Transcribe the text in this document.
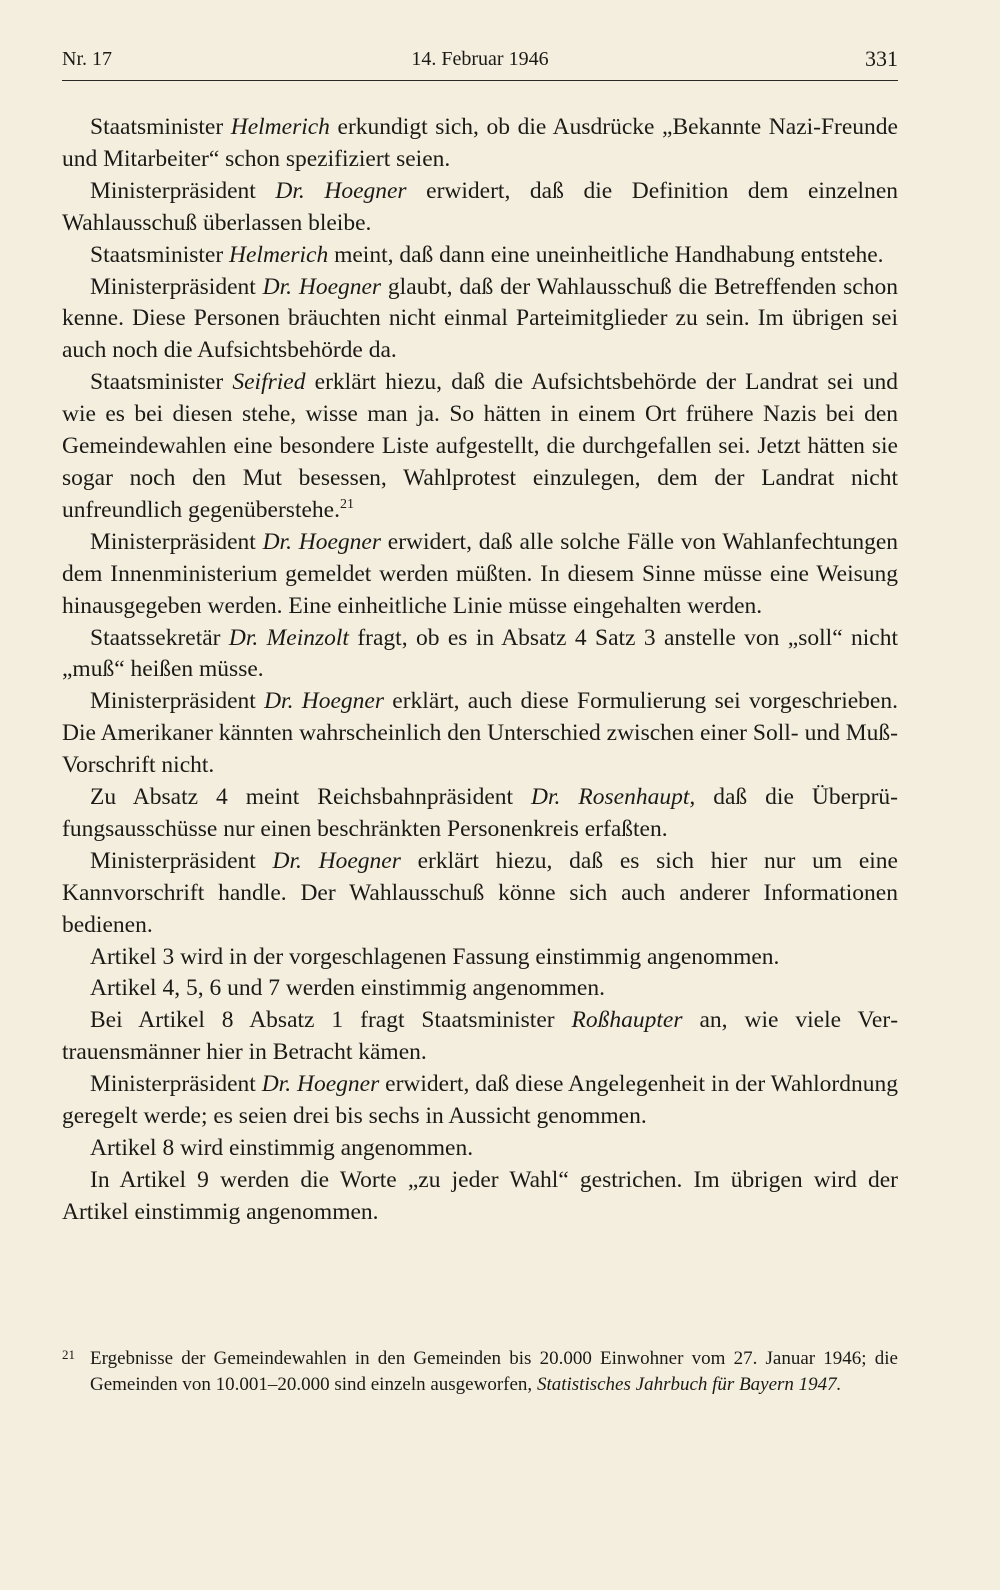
Nr. 17	14. Februar 1946	331

Staatsminister Helmerich erkundigt sich, ob die Ausdrücke „Bekannte Nazi-Freunde und Mitarbeiter“ schon spezifiziert seien.

Ministerpräsident Dr. Hoegner erwidert, daß die Definition dem einzelnen Wahlausschuß überlassen bleibe.

Staatsminister Helmerich meint, daß dann eine uneinheitliche Handhabung entstehe.

Ministerpräsident Dr. Hoegner glaubt, daß der Wahlausschuß die Betreffenden schon kenne. Diese Personen bräuchten nicht einmal Parteimitglieder zu sein. Im übrigen sei auch noch die Aufsichtsbehörde da.

Staatsminister Seifried erklärt hiezu, daß die Aufsichtsbehörde der Landrat sei und wie es bei diesen stehe, wisse man ja. So hätten in einem Ort frühere Nazis bei den Gemeindewahlen eine besondere Liste aufgestellt, die durchgefallen sei. Jetzt hätten sie sogar noch den Mut besessen, Wahlprotest einzulegen, dem der Landrat nicht unfreundlich gegenüberstehe.$^{21}$

Ministerpräsident Dr. Hoegner erwidert, daß alle solche Fälle von Wahlanfechtungen dem Innenministerium gemeldet werden müßten. In diesem Sinne müsse eine Weisung hinausgegeben werden. Eine einheitliche Linie müsse eingehalten werden.

Staatssekretär Dr. Meinzolt fragt, ob es in Absatz 4 Satz 3 anstelle von „soll“ nicht „muß“ heißen müsse.

Ministerpräsident Dr. Hoegner erklärt, auch diese Formulierung sei vorgeschrieben. Die Amerikaner kännten wahrscheinlich den Unterschied zwischen einer Soll- und Muß-Vorschrift nicht.

Zu Absatz 4 meint Reichsbahnpräsident Dr. Rosenhaupt, daß die Überprüfungsausschüsse nur einen beschränkten Personenkreis erfaßten.

Ministerpräsident Dr. Hoegner erklärt hiezu, daß es sich hier nur um eine Kannvorschrift handle. Der Wahlausschuß könne sich auch anderer Informationen bedienen.

Artikel 3 wird in der vorgeschlagenen Fassung einstimmig angenommen.

Artikel 4, 5, 6 und 7 werden einstimmig angenommen.

Bei Artikel 8 Absatz 1 fragt Staatsminister Roßhaupter an, wie viele Vertrauensmänner hier in Betracht kämen.

Ministerpräsident Dr. Hoegner erwidert, daß diese Angelegenheit in der Wahlordnung geregelt werde; es seien drei bis sechs in Aussicht genommen.

Artikel 8 wird einstimmig angenommen.

In Artikel 9 werden die Worte „zu jeder Wahl“ gestrichen. Im übrigen wird der Artikel einstimmig angenommen.

21 Ergebnisse der Gemeindewahlen in den Gemeinden bis 20.000 Einwohner vom 27. Januar 1946; die Gemeinden von 10.001–20.000 sind einzeln ausgeworfen, Statistisches Jahrbuch für Bayern 1947.
